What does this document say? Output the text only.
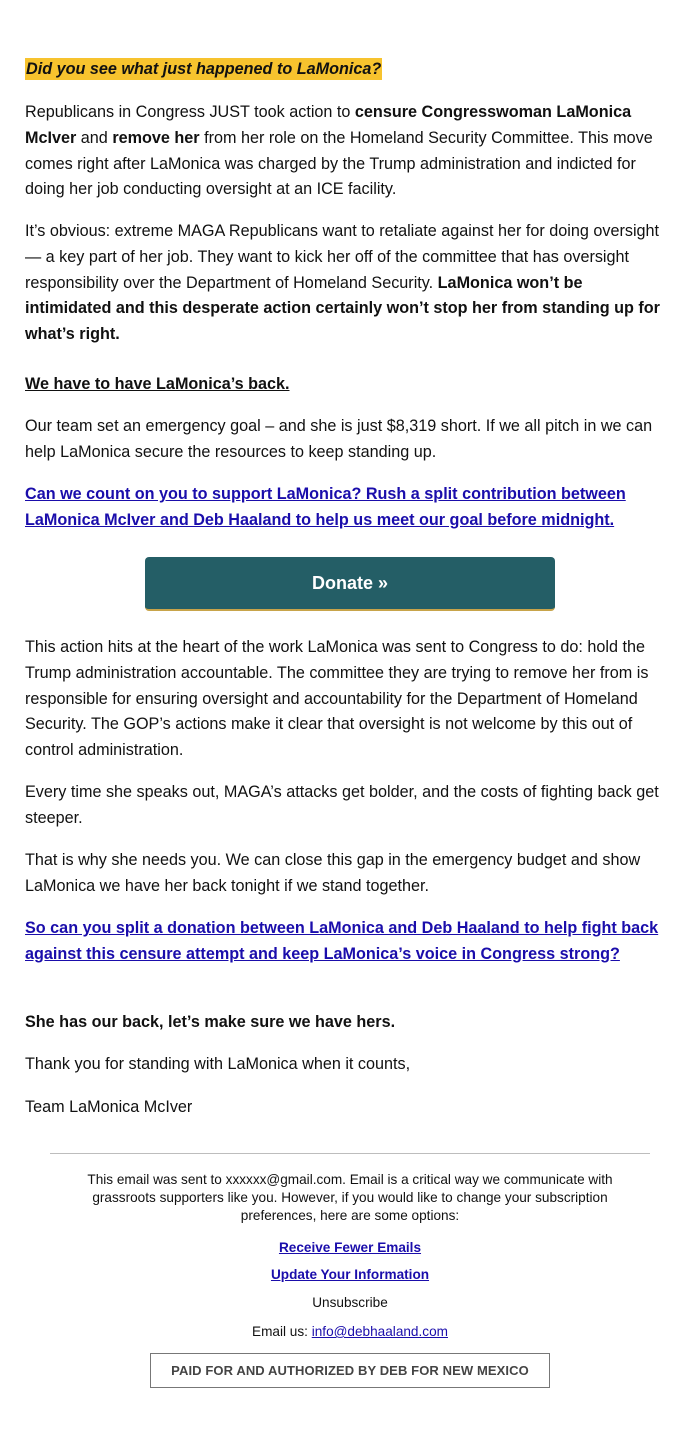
Did you see what just happened to LaMonica?

Republicans in Congress JUST took action to censure Congresswoman LaMonica McIver and remove her from her role on the Homeland Security Committee. This move comes right after LaMonica was charged by the Trump administration and indicted for doing her job conducting oversight at an ICE facility.

It’s obvious: extreme MAGA Republicans want to retaliate against her for doing oversight — a key part of her job. They want to kick her off of the committee that has oversight responsibility over the Department of Homeland Security. LaMonica won’t be intimidated and this desperate action certainly won’t stop her from standing up for what’s right.

We have to have LaMonica’s back.

Our team set an emergency goal – and she is just $8,319 short. If we all pitch in we can help LaMonica secure the resources to keep standing up.

Can we count on you to support LaMonica? Rush a split contribution between LaMonica McIver and Deb Haaland to help us meet our goal before midnight.

Donate »

This action hits at the heart of the work LaMonica was sent to Congress to do: hold the Trump administration accountable. The committee they are trying to remove her from is responsible for ensuring oversight and accountability for the Department of Homeland Security. The GOP’s actions make it clear that oversight is not welcome by this out of control administration.

Every time she speaks out, MAGA’s attacks get bolder, and the costs of fighting back get steeper.

That is why she needs you. We can close this gap in the emergency budget and show LaMonica we have her back tonight if we stand together.

So can you split a donation between LaMonica and Deb Haaland to help fight back against this censure attempt and keep LaMonica’s voice in Congress strong?

She has our back, let’s make sure we have hers.

Thank you for standing with LaMonica when it counts,

Team LaMonica McIver

This email was sent to xxxxxx@gmail.com. Email is a critical way we communicate with grassroots supporters like you. However, if you would like to change your subscription preferences, here are some options:
Receive Fewer Emails
Update Your Information
Unsubscribe
Email us: info@debhaaland.com
PAID FOR AND AUTHORIZED BY DEB FOR NEW MEXICO
